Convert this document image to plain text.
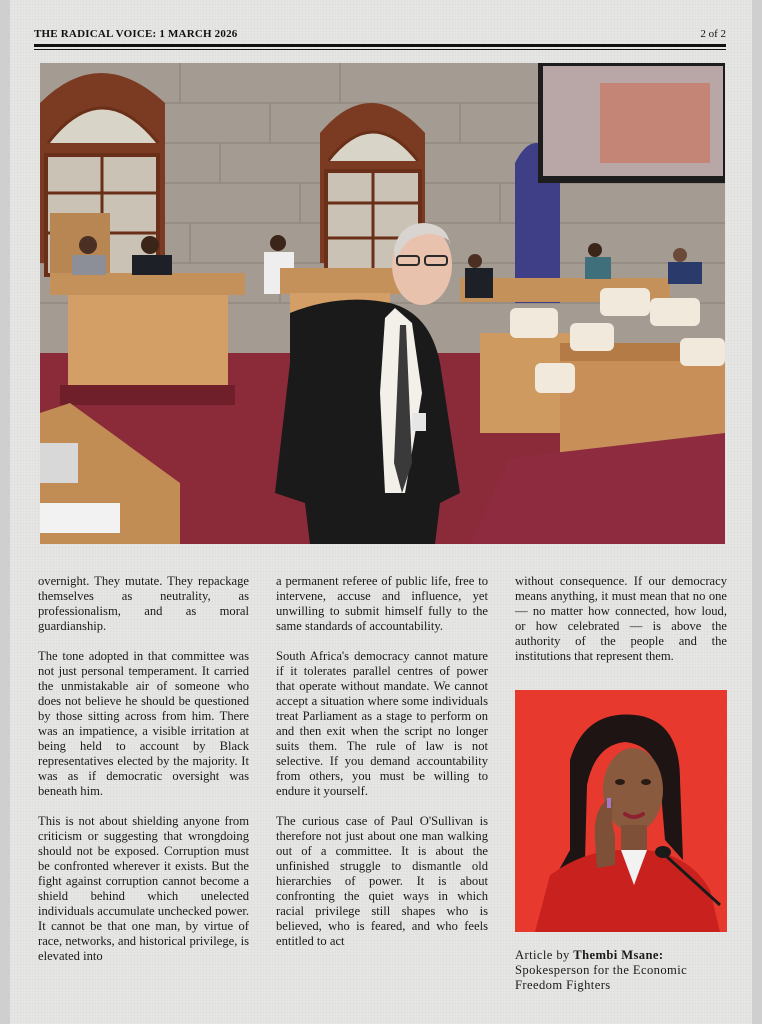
THE RADICAL VOICE: 1 MARCH 2026	2 of 2

overnight. They mutate. They repackage themselves as neutrality, as professionalism, and as moral guardianship.

The tone adopted in that committee was not just personal temperament. It carried the unmistakable air of someone who does not believe he should be questioned by those sitting across from him. There was an impatience, a visible irritation at being held to account by Black representatives elected by the majority. It was as if democratic oversight was beneath him.

This is not about shielding anyone from criticism or suggesting that wrongdoing should not be exposed. Corruption must be confronted wherever it exists. But the fight against corruption cannot become a shield behind which unelected individuals accumulate unchecked power. It cannot be that one man, by virtue of race, networks, and historical privilege, is elevated into

a permanent referee of public life, free to intervene, accuse and influence, yet unwilling to submit himself fully to the same standards of accountability.

South Africa's democracy cannot mature if it tolerates parallel centres of power that operate without mandate. We cannot accept a situation where some individuals treat Parliament as a stage to perform on and then exit when the script no longer suits them. The rule of law is not selective. If you demand accountability from others, you must be willing to endure it yourself.

The curious case of Paul O'Sullivan is therefore not just about one man walking out of a committee. It is about the unfinished struggle to dismantle old hierarchies of power. It is about confronting the quiet ways in which racial privilege still shapes who is believed, who is feared, and who feels entitled to act

without consequence. If our democracy means anything, it must mean that no one — no matter how connected, how loud, or how celebrated — is above the authority of the people and the institutions that represent them.

Article by Thembi Msane:
Spokesperson for the Economic Freedom Fighters
